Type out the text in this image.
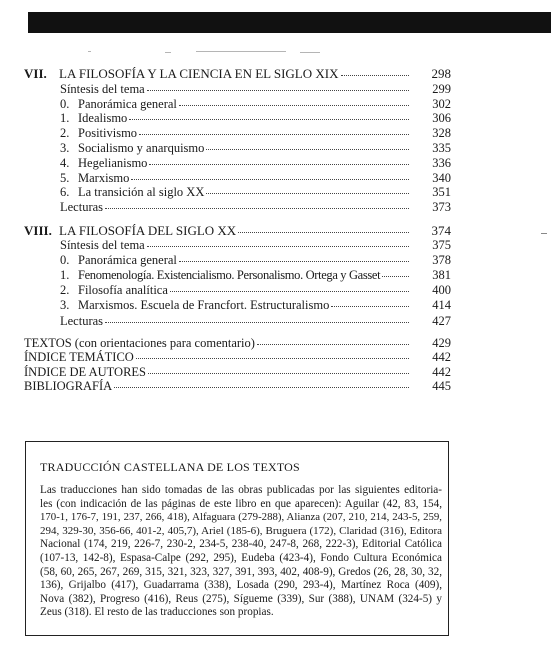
VII. LA FILOSOFÍA Y LA CIENCIA EN EL SIGLO XIX	298
Síntesis del tema	299
0. Panorámica general	302
1. Idealismo	306
2. Positivismo	328
3. Socialismo y anarquismo	335
4. Hegelianismo	336
5. Marxismo	340
6. La transición al siglo XX	351
Lecturas	373
VIII. LA FILOSOFÍA DEL SIGLO XX	374
Síntesis del tema	375
0. Panorámica general	378
1. Fenomenología. Existencialismo. Personalismo. Ortega y Gasset	381
2. Filosofía analítica	400
3. Marxismos. Escuela de Francfort. Estructuralismo	414
Lecturas	427
TEXTOS (con orientaciones para comentario)	429
ÍNDICE TEMÁTICO	442
ÍNDICE DE AUTORES	442
BIBLIOGRAFÍA	445
TRADUCCIÓN CASTELLANA DE LOS TEXTOS
Las traducciones han sido tomadas de las obras publicadas por las siguientes editoria-
les (con indicación de las páginas de este libro en que aparecen): Aguilar (42, 83, 154,
170-1, 176-7, 191, 237, 266, 418), Alfaguara (279-288), Alianza (207, 210, 214, 243-5, 259,
294, 329-30, 356-66, 401-2, 405,7), Ariel (185-6), Bruguera (172), Claridad (316), Editora
Nacional (174, 219, 226-7, 230-2, 234-5, 238-40, 247-8, 268, 222-3), Editorial Católica
(107-13, 142-8), Espasa-Calpe (292, 295), Eudeba (423-4), Fondo Cultura Económica
(58, 60, 265, 267, 269, 315, 321, 323, 327, 391, 393, 402, 408-9), Gredos (26, 28, 30, 32,
136), Grijalbo (417), Guadarrama (338), Losada (290, 293-4), Martínez Roca (409),
Nova (382), Progreso (416), Reus (275), Sígueme (339), Sur (388), UNAM (324-5) y
Zeus (318). El resto de las traducciones son propias.
